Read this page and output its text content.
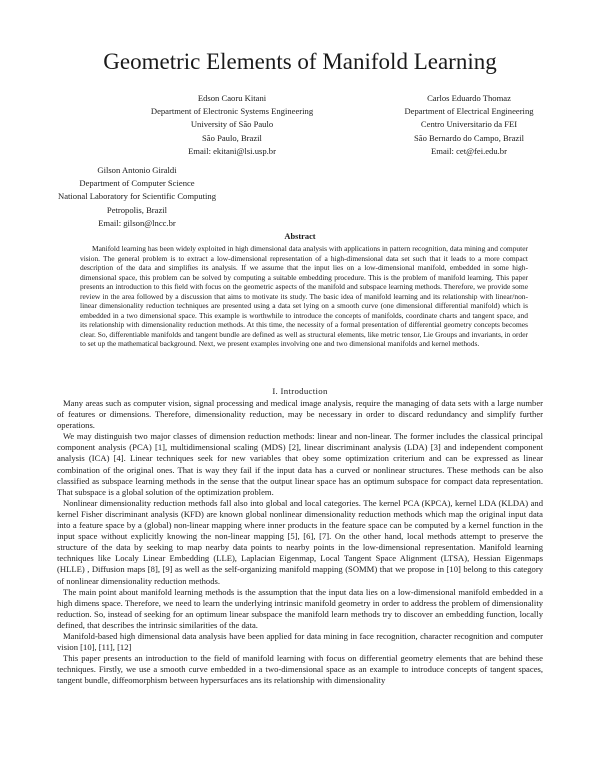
Geometric Elements of Manifold Learning
Edson Caoru Kitani
Department of Electronic Systems Engineering
University of São Paulo
São Paulo, Brazil
Email: ekitani@lsi.usp.br
Carlos Eduardo Thomaz
Department of Electrical Engineering
Centro Universitario da FEI
São Bernardo do Campo, Brazil
Email: cet@fei.edu.br
Gilson Antonio Giraldi
Department of Computer Science
National Laboratory for Scientific Computing
Petropolis, Brazil
Email: gilson@lncc.br
Abstract

Manifold learning has been widely exploited in high dimensional data analysis with applications in pattern recognition, data mining and computer vision. The general problem is to extract a low-dimensional representation of a high-dimensional data set such that it leads to a more compact description of the data and simplifies its analysis. If we assume that the input lies on a low-dimensional manifold, embedded in some high-dimensional space, this problem can be solved by computing a suitable embedding procedure. This is the problem of manifold learning. This paper presents an introduction to this field with focus on the geometric aspects of the manifold and subspace learning methods. Therefore, we provide some review in the area followed by a discussion that aims to motivate its study. The basic idea of manifold learning and its relationship with linear/non-linear dimensionality reduction techniques are presented using a data set lying on a smooth curve (one dimensional differential manifold) which is embedded in a two dimensional space. This example is worthwhile to introduce the concepts of manifolds, coordinate charts and tangent space, and its relationship with dimensionality reduction methods. At this time, the necessity of a formal presentation of differential geometry concepts becomes clear. So, differentiable manifolds and tangent bundle are defined as well as structural elements, like metric tensor, Lie Groups and invariants, in order to set up the mathematical background. Next, we present examples involving one and two dimensional manifolds and kernel methods.

I. Introduction

Many areas such as computer vision, signal processing and medical image analysis, require the managing of data sets with a large number of features or dimensions. Therefore, dimensionality reduction, may be necessary in order to discard redundancy and simplify further operations.

We may distinguish two major classes of dimension reduction methods: linear and non-linear. The former includes the classical principal component analysis (PCA) [1], multidimensional scaling (MDS) [2], linear discriminant analysis (LDA) [3] and independent component analysis (ICA) [4]. Linear techniques seek for new variables that obey some optimization criterium and can be expressed as linear combination of the original ones. That is way they fail if the input data has a curved or nonlinear structures. These methods can be also classified as subspace learning methods in the sense that the output linear space has an optimum subspace for compact data representation. That subspace is a global solution of the optimization problem.

Nonlinear dimensionality reduction methods fall also into global and local categories. The kernel PCA (KPCA), kernel LDA (KLDA) and kernel Fisher discriminant analysis (KFD) are known global nonlinear dimensionality reduction methods which map the original input data into a feature space by a (global) non-linear mapping where inner products in the feature space can be computed by a kernel function in the input space without explicitly knowing the non-linear mapping [5], [6], [7]. On the other hand, local methods attempt to preserve the structure of the data by seeking to map nearby data points to nearby points in the low-dimensional representation. Manifold learning techniques like Localy Linear Embedding (LLE), Laplacian Eigenmap, Local Tangent Space Alignment (LTSA), Hessian Eigenmaps (HLLE) , Diffusion maps [8], [9] as well as the self-organizing manifold mapping (SOMM) that we propose in [10] belong to this category of nonlinear dimensionality reduction methods.

The main point about manifold learning methods is the assumption that the input data lies on a low-dimensional manifold embedded in a high dimens space. Therefore, we need to learn the underlying intrinsic manifold geometry in order to address the problem of dimensionality reduction. So, instead of seeking for an optimum linear subspace the manifold learn methods try to discover an embedding function, locally defined, that describes the intrinsic similarities of the data.

Manifold-based high dimensional data analysis have been applied for data mining in face recognition, character recognition and computer vision [10], [11], [12]

This paper presents an introduction to the field of manifold learning with focus on differential geometry elements that are behind these techniques. Firstly, we use a smooth curve embedded in a two-dimensional space as an example to introduce concepts of tangent spaces, tangent bundle, diffeomorphism between hypersurfaces ans its relationship with dimensionality
